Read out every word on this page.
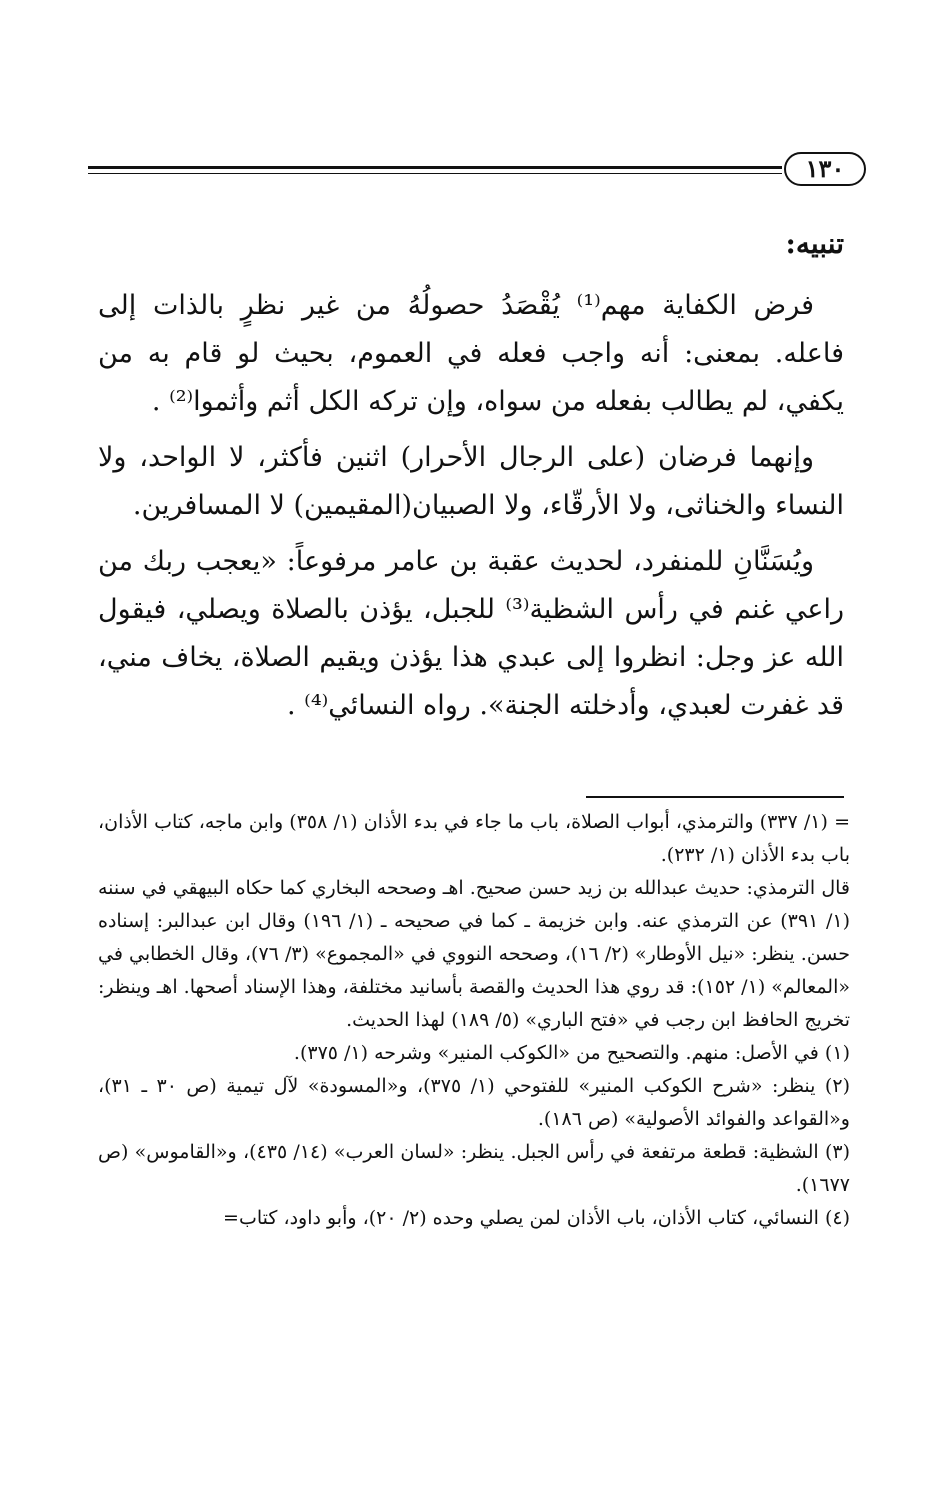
١٣٠

تنبيه:

فرض الكفاية مهم⁽¹⁾ يُقْصَدُ حصولُهُ من غير نظرٍ بالذات إلى فاعله. بمعنى: أنه واجب فعله في العموم، بحيث لو قام به من يكفي، لم يطالب بفعله من سواه، وإن تركه الكل أثم وأثموا⁽²⁾ .

وإنهما فرضان (على الرجال الأحرار) اثنين فأكثر، لا الواحد، ولا النساء والخناثى، ولا الأرقّاء، ولا الصبيان(المقيمين) لا المسافرين.

ويُسَنَّانِ للمنفرد، لحديث عقبة بن عامر مرفوعاً: «يعجب ربك من راعي غنم في رأس الشظية⁽³⁾ للجبل، يؤذن بالصلاة ويصلي، فيقول الله عز وجل: انظروا إلى عبدي هذا يؤذن ويقيم الصلاة، يخاف مني، قد غفرت لعبدي، وأدخلته الجنة». رواه النسائي⁽⁴⁾ .

= (١/ ٣٣٧) والترمذي، أبواب الصلاة، باب ما جاء في بدء الأذان (١/ ٣٥٨) وابن ماجه، كتاب الأذان، باب بدء الأذان (١/ ٢٣٢).

قال الترمذي: حديث عبدالله بن زيد حسن صحيح. اهـ وصححه البخاري كما حكاه البيهقي في سننه (١/ ٣٩١) عن الترمذي عنه. وابن خزيمة ـ كما في صحيحه ـ (١/ ١٩٦) وقال ابن عبدالبر: إسناده حسن. ينظر: «نيل الأوطار» (٢/ ١٦)، وصححه النووي في «المجموع» (٣/ ٧٦)، وقال الخطابي في «المعالم» (١/ ١٥٢): قد روي هذا الحديث والقصة بأسانيد مختلفة، وهذا الإسناد أصحها. اهـ وينظر: تخريج الحافظ ابن رجب في «فتح الباري» (٥/ ١٨٩) لهذا الحديث.

(١) في الأصل: منهم. والتصحيح من «الكوكب المنير» وشرحه (١/ ٣٧٥).

(٢) ينظر: «شرح الكوكب المنير» للفتوحي (١/ ٣٧٥)، و«المسودة» لآل تيمية (ص ٣٠ ـ ٣١)، و«القواعد والفوائد الأصولية» (ص ١٨٦).

(٣) الشظية: قطعة مرتفعة في رأس الجبل. ينظر: «لسان العرب» (١٤/ ٤٣٥)، و«القاموس» (ص ١٦٧٧).

(٤) النسائي، كتاب الأذان، باب الأذان لمن يصلي وحده (٢/ ٢٠)، وأبو داود، كتاب=
